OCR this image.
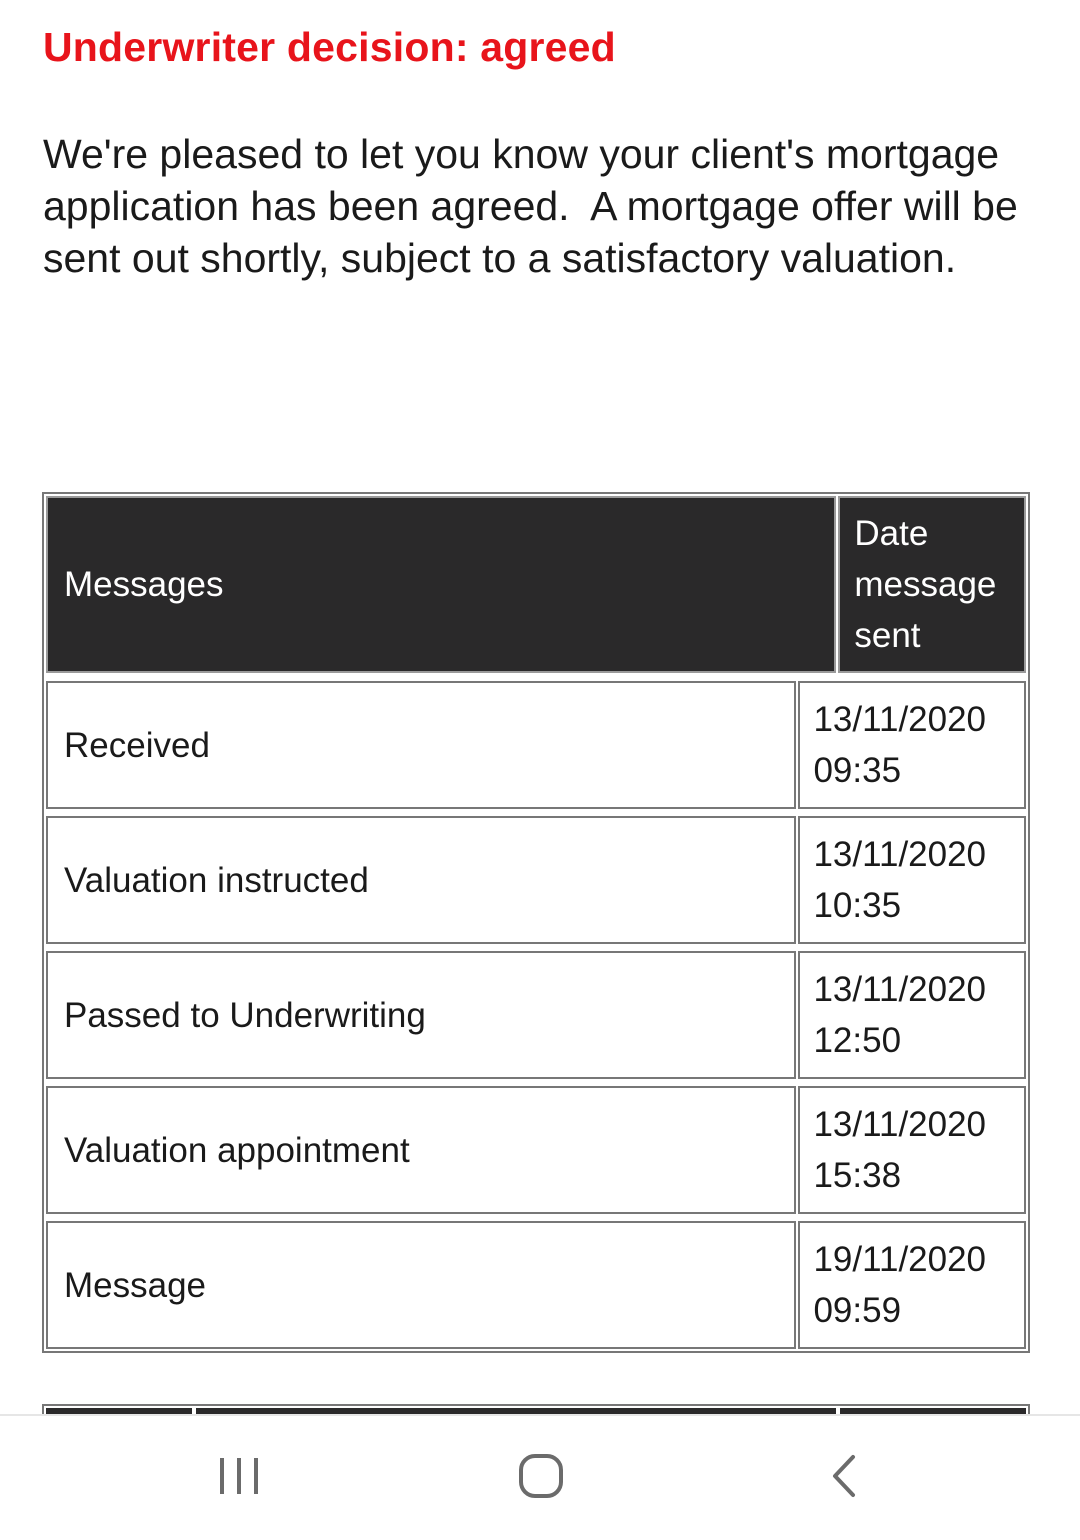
Underwriter decision: agreed

We're pleased to let you know your client's mortgage application has been agreed.  A mortgage offer will be sent out shortly, subject to a satisfactory valuation.

Messages
Date
message
sent
Received
13/11/2020
09:35
Valuation instructed
13/11/2020
10:35
Passed to Underwriting
13/11/2020
12:50
Valuation appointment
13/11/2020
15:38
Message
19/11/2020
09:59
